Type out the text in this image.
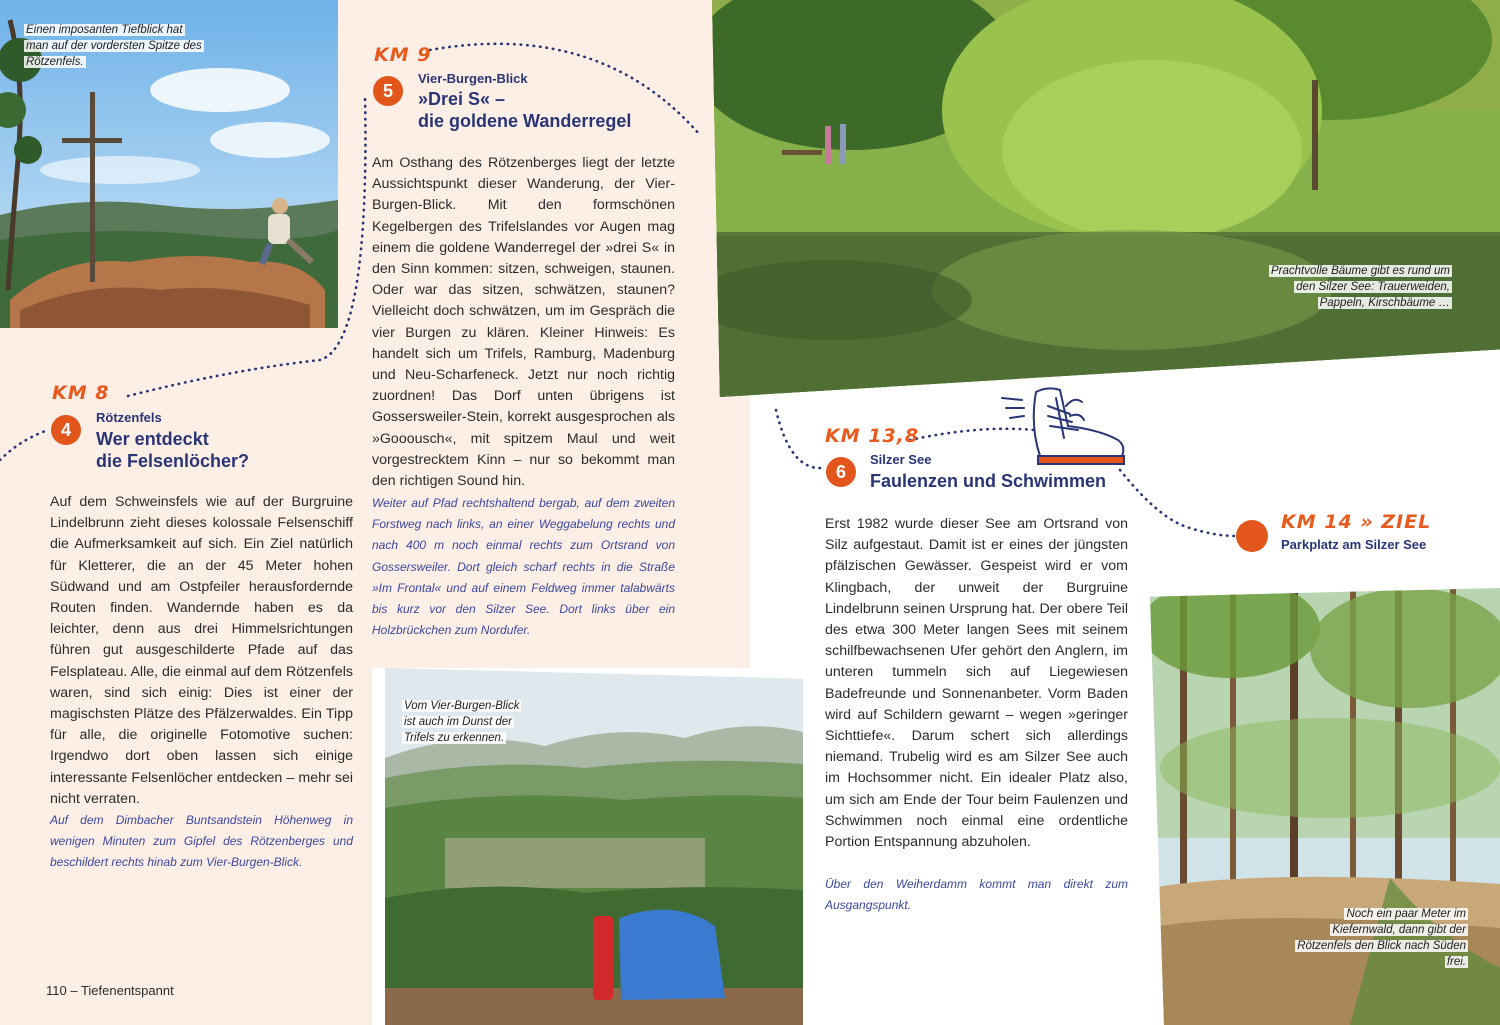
Einen imposanten Tiefblick hat man auf der vordersten Spitze des Rötzenfels.
Prachtvolle Bäume gibt es rund um den Silzer See: Trauerweiden, Pappeln, Kirschbäume …
Vom Vier-Burgen-Blick ist auch im Dunst der Trifels zu erkennen.
Noch ein paar Meter im Kiefernwald, dann gibt der Rötzenfels den Blick nach Süden frei.
KM 8
4
Rötzenfels
Wer entdeckt
die Felsenlöcher?
Auf dem Schweinsfels wie auf der Burgruine Lindelbrunn zieht dieses kolossale Felsenschiff die Aufmerksamkeit auf sich. Ein Ziel natürlich für Kletterer, die an der 45 Meter hohen Südwand und am Ostpfeiler herausfordernde Routen finden. Wandernde haben es da leichter, denn aus drei Himmelsrichtungen führen gut ausgeschilderte Pfade auf das Felsplateau. Alle, die einmal auf dem Rötzenfels waren, sind sich einig: Dies ist einer der magischsten Plätze des Pfälzerwaldes. Ein Tipp für alle, die originelle Fotomotive suchen: Irgendwo dort oben lassen sich einige interessante Felsenlöcher entdecken – mehr sei nicht verraten.
Auf dem Dimbacher Buntsandstein Höhenweg in wenigen Minuten zum Gipfel des Rötzenberges und beschildert rechts hinab zum Vier-Burgen-Blick.
KM 9
5
Vier-Burgen-Blick
»Drei S« –
die goldene Wanderregel
Am Osthang des Rötzenberges liegt der letzte Aussichtspunkt dieser Wanderung, der Vier-Burgen-Blick. Mit den formschönen Kegelbergen des Trifelslandes vor Augen mag einem die goldene Wanderregel der »drei S« in den Sinn kommen: sitzen, schweigen, staunen. Oder war das sitzen, schwätzen, staunen? Vielleicht doch schwätzen, um im Gespräch die vier Burgen zu klären. Kleiner Hinweis: Es handelt sich um Trifels, Ramburg, Madenburg und Neu-Scharfeneck. Jetzt nur noch richtig zuordnen! Das Dorf unten übrigens ist Gossersweiler-Stein, korrekt ausgesprochen als »Gooousch«, mit spitzem Maul und weit vorgestrecktem Kinn – nur so bekommt man den richtigen Sound hin.
Weiter auf Pfad rechtshaltend bergab, auf dem zweiten Forstweg nach links, an einer Weggabelung rechts und nach 400 m noch einmal rechts zum Ortsrand von Gossersweiler. Dort gleich scharf rechts in die Straße »Im Frontal« und auf einem Feldweg immer talabwärts bis kurz vor den Silzer See. Dort links über ein Holzbrückchen zum Nordufer.
KM 13,8
6
Silzer See
Faulenzen und Schwimmen
Erst 1982 wurde dieser See am Ortsrand von Silz aufgestaut. Damit ist er eines der jüngsten pfälzischen Gewässer. Gespeist wird er vom Klingbach, der unweit der Burgruine Lindelbrunn seinen Ursprung hat. Der obere Teil des etwa 300 Meter langen Sees mit seinem schilfbewachsenen Ufer gehört den Anglern, im unteren tummeln sich auf Liegewiesen Badefreunde und Sonnenanbeter. Vorm Baden wird auf Schildern gewarnt – wegen »geringer Sichttiefe«. Darum schert sich allerdings niemand. Trubelig wird es am Silzer See auch im Hochsommer nicht. Ein idealer Platz also, um sich am Ende der Tour beim Faulenzen und Schwimmen noch einmal eine ordentliche Portion Entspannung abzuholen.
Über den Weiherdamm kommt man direkt zum Ausgangspunkt.
KM 14 » ZIEL
Parkplatz am Silzer See
110 – Tiefenentspannt
